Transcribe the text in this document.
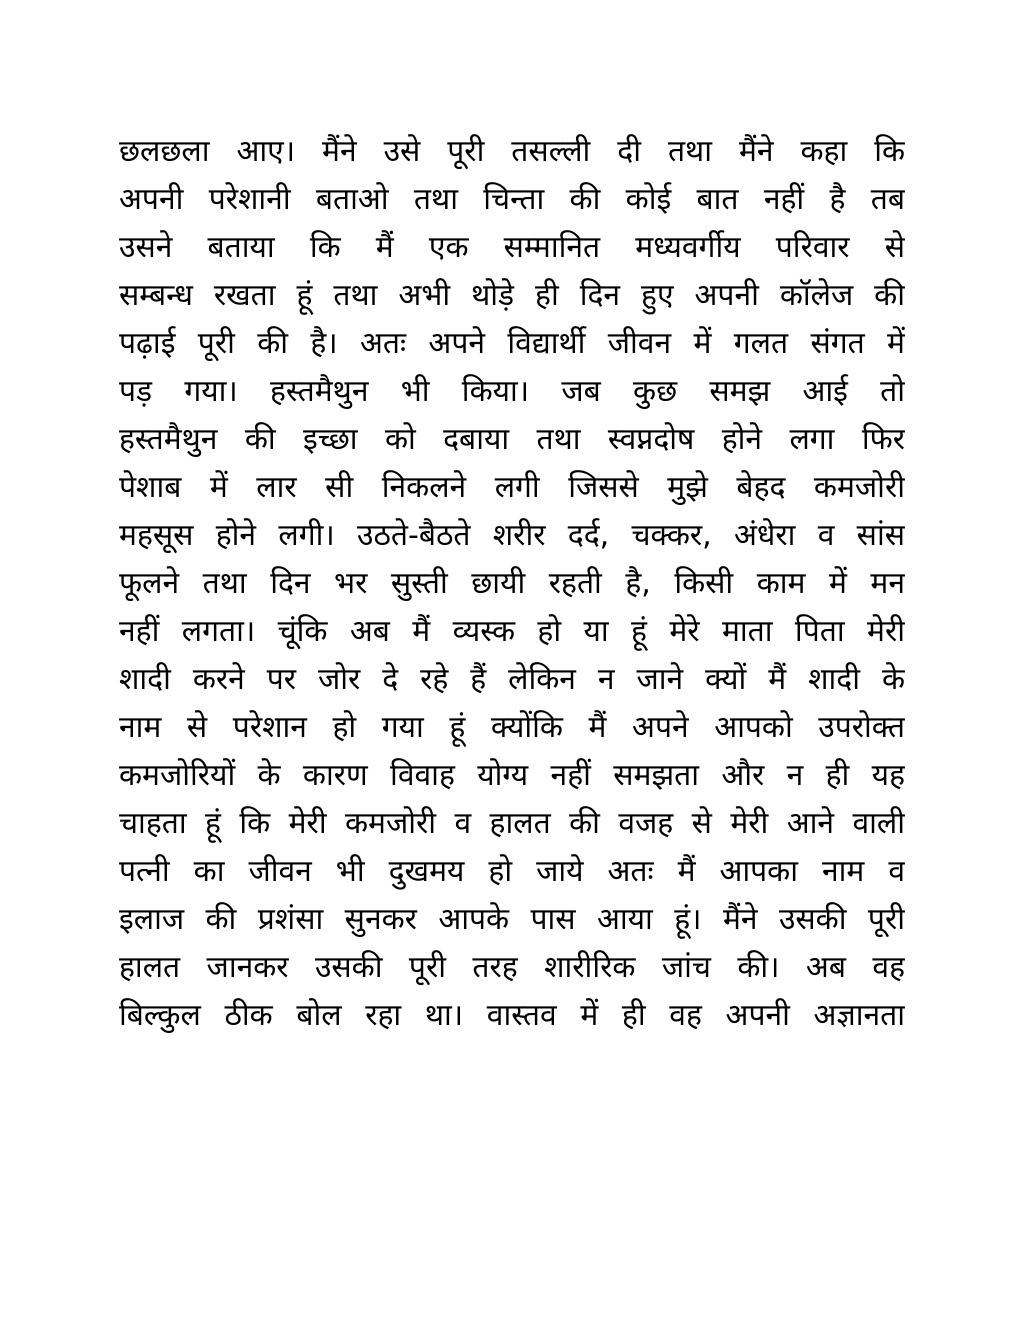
छलछला आए। मैंने उसे पूरी तसल्ली दी तथा मैंने कहा कि
अपनी परेशानी बताओ तथा चिन्ता की कोई बात नहीं है तब
उसने बताया कि मैं एक सम्मानित मध्यवर्गीय परिवार से
सम्बन्ध रखता हूं तथा अभी थोड़े ही दिन हुए अपनी कॉलेज की
पढ़ाई पूरी की है। अतः अपने विद्यार्थी जीवन में गलत संगत में
पड़ गया। हस्तमैथुन भी किया। जब कुछ समझ आई तो
हस्तमैथुन की इच्छा को दबाया तथा स्वप्नदोष होने लगा फिर
पेशाब में लार सी निकलने लगी जिससे मुझे बेहद कमजोरी
महसूस होने लगी। उठते-बैठते शरीर दर्द, चक्कर, अंधेरा व सांस
फूलने तथा दिन भर सुस्ती छायी रहती है, किसी काम में मन
नहीं लगता। चूंकि अब मैं व्यस्क हो या हूं मेरे माता पिता मेरी
शादी करने पर जोर दे रहे हैं लेकिन न जाने क्यों मैं शादी के
नाम से परेशान हो गया हूं क्योंकि मैं अपने आपको उपरोक्त
कमजोरियों के कारण विवाह योग्य नहीं समझता और न ही यह
चाहता हूं कि मेरी कमजोरी व हालत की वजह से मेरी आने वाली
पत्नी का जीवन भी दुखमय हो जाये अतः मैं आपका नाम व
इलाज की प्रशंसा सुनकर आपके पास आया हूं। मैंने उसकी पूरी
हालत जानकर उसकी पूरी तरह शारीरिक जांच की। अब वह
बिल्कुल ठीक बोल रहा था। वास्तव में ही वह अपनी अज्ञानता
